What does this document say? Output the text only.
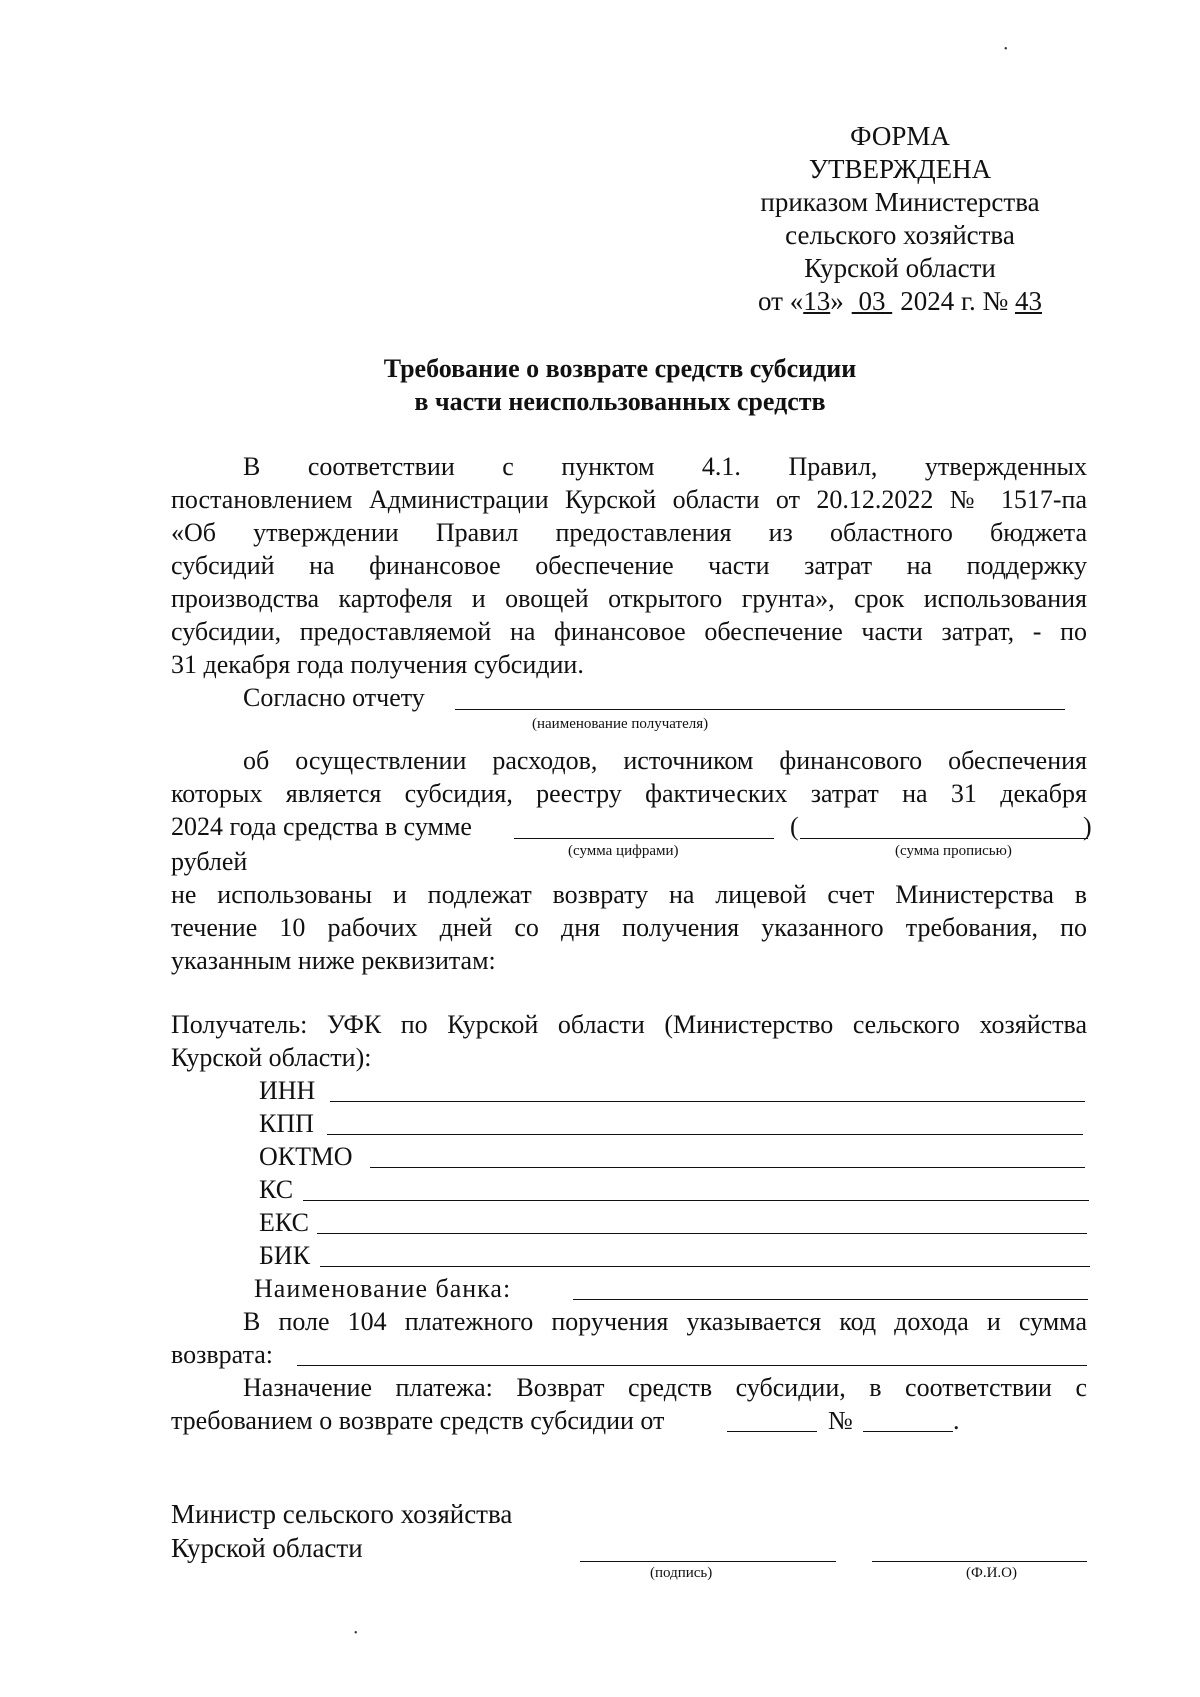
ФОРМА
УТВЕРЖДЕНА
приказом Министерства
сельского хозяйства
Курской области
от «13» 03 2024 г. № 43
•
Требование о возврате средств субсидии
в части неиспользованных средств
В соответствии с пунктом 4.1. Правил, утвержденных
постановлением Администрации Курской области от 20.12.2022 № 1517-па
«Об утверждении Правил предоставления из областного бюджета
субсидий на финансовое обеспечение части затрат на поддержку
производства картофеля и овощей открытого грунта», срок использования
субсидии, предоставляемой на финансовое обеспечение части затрат, - по
31 декабря года получения субсидии.
Согласно отчету
(наименование получателя)
об осуществлении расходов, источником финансового обеспечения
которых является субсидия, реестру фактических затрат на 31 декабря
2024 года средства в сумме	(	)
(сумма цифрами)	(сумма прописью)
рублей
не использованы и подлежат возврату на лицевой счет Министерства в
течение 10 рабочих дней со дня получения указанного требования, по
указанным ниже реквизитам:
Получатель: УФК по Курской области (Министерство сельского хозяйства
Курской области):
ИНН
КПП
ОКТМО
КС
ЕКС
БИК
Наименование банка:
В поле 104 платежного поручения указывается код дохода и сумма
возврата:
Назначение платежа: Возврат средств субсидии, в соответствии с
требованием о возврате средств субсидии от	№	.
Министр сельского хозяйства
Курской области
(подпись)	(Ф.И.О)
•
